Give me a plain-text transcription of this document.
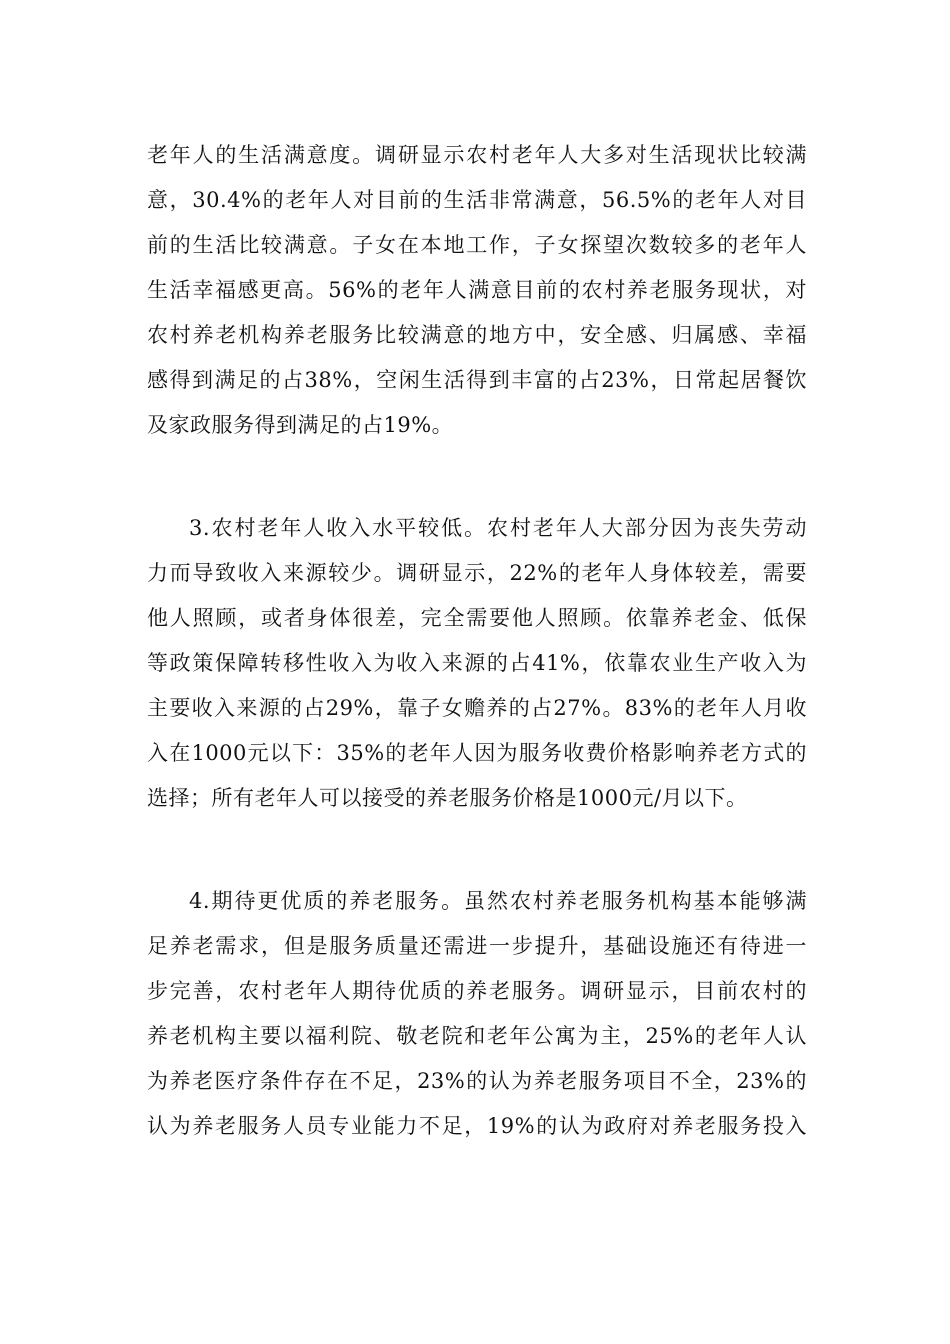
老年人的生活满意度。调研显示农村老年人大多对生活现状比较满
意，30.4%的老年人对目前的生活非常满意，56.5%的老年人对目
前的生活比较满意。子女在本地工作，子女探望次数较多的老年人
生活幸福感更高。56%的老年人满意目前的农村养老服务现状，对
农村养老机构养老服务比较满意的地方中，安全感、归属感、幸福
感得到满足的占38%，空闲生活得到丰富的占23%，日常起居餐饮
及家政服务得到满足的占19%。
3.农村老年人收入水平较低。农村老年人大部分因为丧失劳动
力而导致收入来源较少。调研显示，22%的老年人身体较差，需要
他人照顾，或者身体很差，完全需要他人照顾。依靠养老金、低保
等政策保障转移性收入为收入来源的占41%，依靠农业生产收入为
主要收入来源的占29%，靠子女赡养的占27%。83%的老年人月收
入在1000元以下：35%的老年人因为服务收费价格影响养老方式的
选择；所有老年人可以接受的养老服务价格是1000元/月以下。
4.期待更优质的养老服务。虽然农村养老服务机构基本能够满
足养老需求，但是服务质量还需进一步提升，基础设施还有待进一
步完善，农村老年人期待优质的养老服务。调研显示，目前农村的
养老机构主要以福利院、敬老院和老年公寓为主，25%的老年人认
为养老医疗条件存在不足，23%的认为养老服务项目不全，23%的
认为养老服务人员专业能力不足，19%的认为政府对养老服务投入
